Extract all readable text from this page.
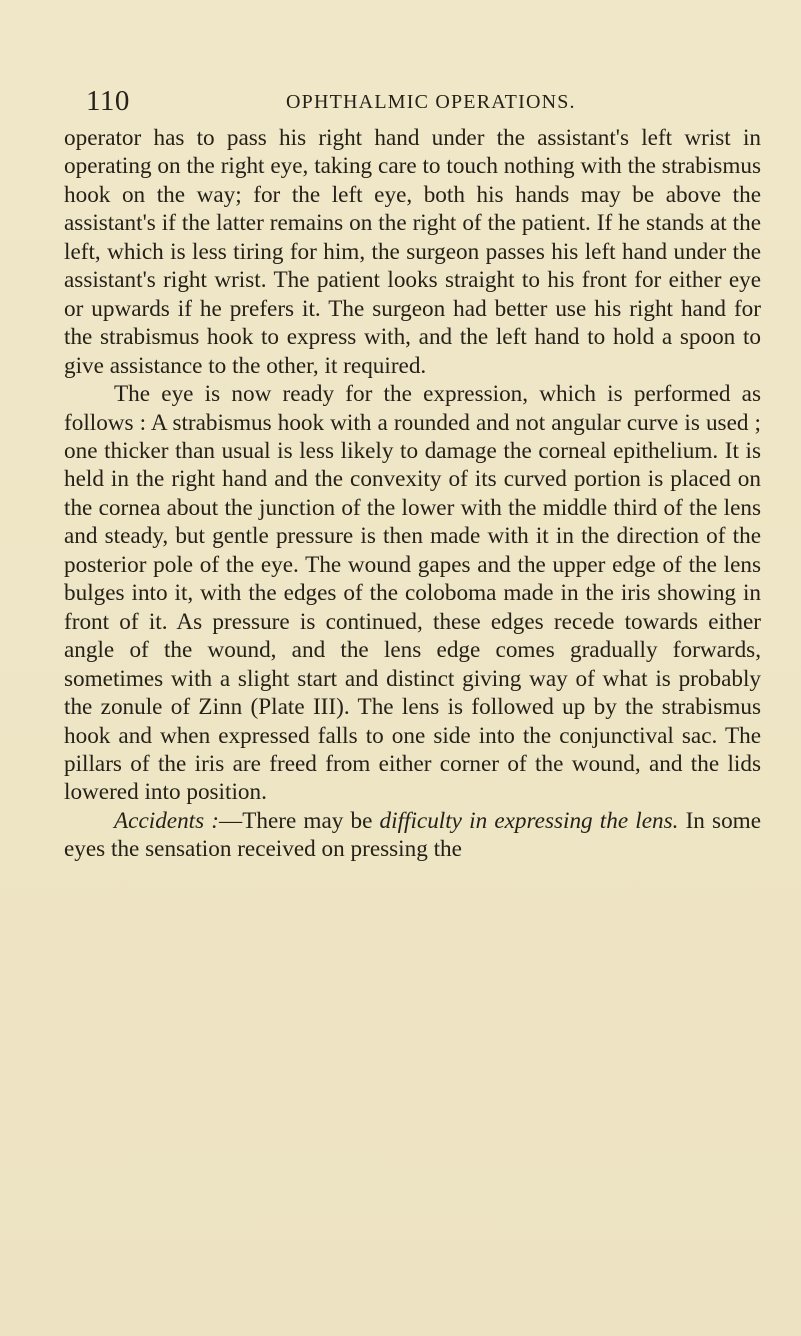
110	OPHTHALMIC OPERATIONS.

operator has to pass his right hand under the assistant's left wrist in operating on the right eye, taking care to touch nothing with the strabismus hook on the way; for the left eye, both his hands may be above the assistant's if the latter remains on the right of the patient. If he stands at the left, which is less tiring for him, the surgeon passes his left hand under the assistant's right wrist. The patient looks straight to his front for either eye or upwards if he prefers it. The surgeon had better use his right hand for the strabismus hook to express with, and the left hand to hold a spoon to give assistance to the other, it required.

The eye is now ready for the expression, which is performed as follows : A strabismus hook with a rounded and not angular curve is used ; one thicker than usual is less likely to damage the corneal epithelium. It is held in the right hand and the convexity of its curved portion is placed on the cornea about the junction of the lower with the middle third of the lens and steady, but gentle pressure is then made with it in the direction of the posterior pole of the eye. The wound gapes and the upper edge of the lens bulges into it, with the edges of the coloboma made in the iris showing in front of it. As pressure is continued, these edges recede towards either angle of the wound, and the lens edge comes gradually forwards, sometimes with a slight start and distinct giving way of what is probably the zonule of Zinn (Plate III). The lens is followed up by the strabismus hook and when expressed falls to one side into the conjunctival sac. The pillars of the iris are freed from either corner of the wound, and the lids lowered into position.

Accidents :—There may be difficulty in expressing the lens. In some eyes the sensation received on pressing the
